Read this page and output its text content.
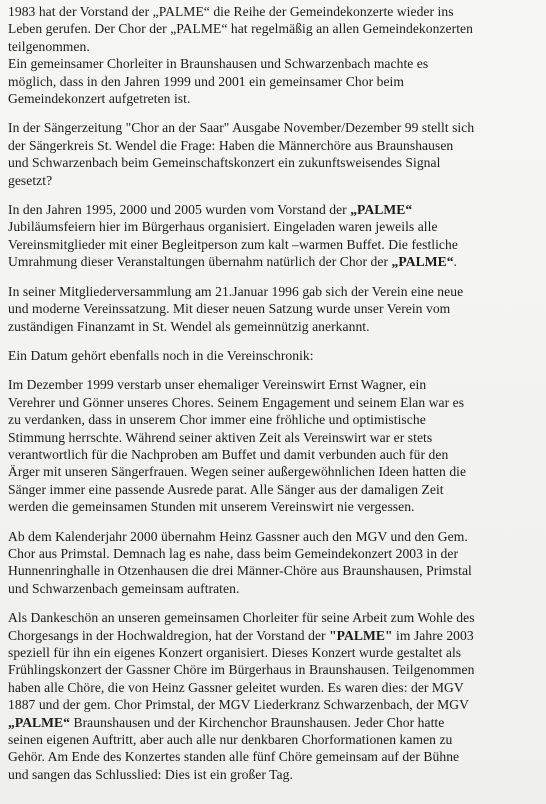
1983 hat der Vorstand der „PALME“ die Reihe der Gemeindekonzerte wieder ins
Leben gerufen. Der Chor der „PALME“ hat regelmäßig an allen Gemeindekonzerten
teilgenommen.
Ein gemeinsamer Chorleiter in Braunshausen und Schwarzenbach machte es
möglich, dass in den Jahren 1999 und 2001 ein gemeinsamer Chor beim
Gemeindekonzert aufgetreten ist.

In der Sängerzeitung "Chor an der Saar" Ausgabe November/Dezember 99 stellt sich
der Sängerkreis St. Wendel die Frage: Haben die Männerchöre aus Braunshausen
und Schwarzenbach beim Gemeinschaftskonzert ein zukunftsweisendes Signal
gesetzt?

In den Jahren 1995, 2000 und 2005 wurden vom Vorstand der „PALME“
Jubiläumsfeiern hier im Bürgerhaus organisiert. Eingeladen waren jeweils alle
Vereinsmitglieder mit einer Begleitperson zum kalt –warmen Buffet. Die festliche
Umrahmung dieser Veranstaltungen übernahm natürlich der Chor der „PALME“.

In seiner Mitgliederversammlung am 21.Januar 1996 gab sich der Verein eine neue
und moderne Vereinssatzung. Mit dieser neuen Satzung wurde unser Verein vom
zuständigen Finanzamt in St. Wendel als gemeinnützig anerkannt.

Ein Datum gehört ebenfalls noch in die Vereinschronik:

Im Dezember 1999 verstarb unser ehemaliger Vereinswirt Ernst Wagner, ein
Verehrer und Gönner unseres Chores. Seinem Engagement und seinem Elan war es
zu verdanken, dass in unserem Chor immer eine fröhliche und optimistische
Stimmung herrschte. Während seiner aktiven Zeit als Vereinswirt war er stets
verantwortlich für die Nachproben am Buffet und damit verbunden auch für den
Ärger mit unseren Sängerfrauen. Wegen seiner außergewöhnlichen Ideen hatten die
Sänger immer eine passende Ausrede parat. Alle Sänger aus der damaligen Zeit
werden die gemeinsamen Stunden mit unserem Vereinswirt nie vergessen.

Ab dem Kalenderjahr 2000 übernahm Heinz Gassner auch den MGV und den Gem.
Chor aus Primstal. Demnach lag es nahe, dass beim Gemeindekonzert 2003 in der
Hunnenringhalle in Otzenhausen die drei Männer-Chöre aus Braunshausen, Primstal
und Schwarzenbach gemeinsam auftraten.

Als Dankeschön an unseren gemeinsamen Chorleiter für seine Arbeit zum Wohle des
Chorgesangs in der Hochwaldregion, hat der Vorstand der "PALME" im Jahre 2003
speziell für ihn ein eigenes Konzert organisiert. Dieses Konzert wurde gestaltet als
Frühlingskonzert der Gassner Chöre im Bürgerhaus in Braunshausen. Teilgenommen
haben alle Chöre, die von Heinz Gassner geleitet wurden. Es waren dies: der MGV
1887 und der gem. Chor Primstal, der MGV Liederkranz Schwarzenbach, der MGV
„PALME“ Braunshausen und der Kirchenchor Braunshausen. Jeder Chor hatte
seinen eigenen Auftritt, aber auch alle nur denkbaren Chorformationen kamen zu
Gehör. Am Ende des Konzertes standen alle fünf Chöre gemeinsam auf der Bühne
und sangen das Schlusslied: Dies ist ein großer Tag.
